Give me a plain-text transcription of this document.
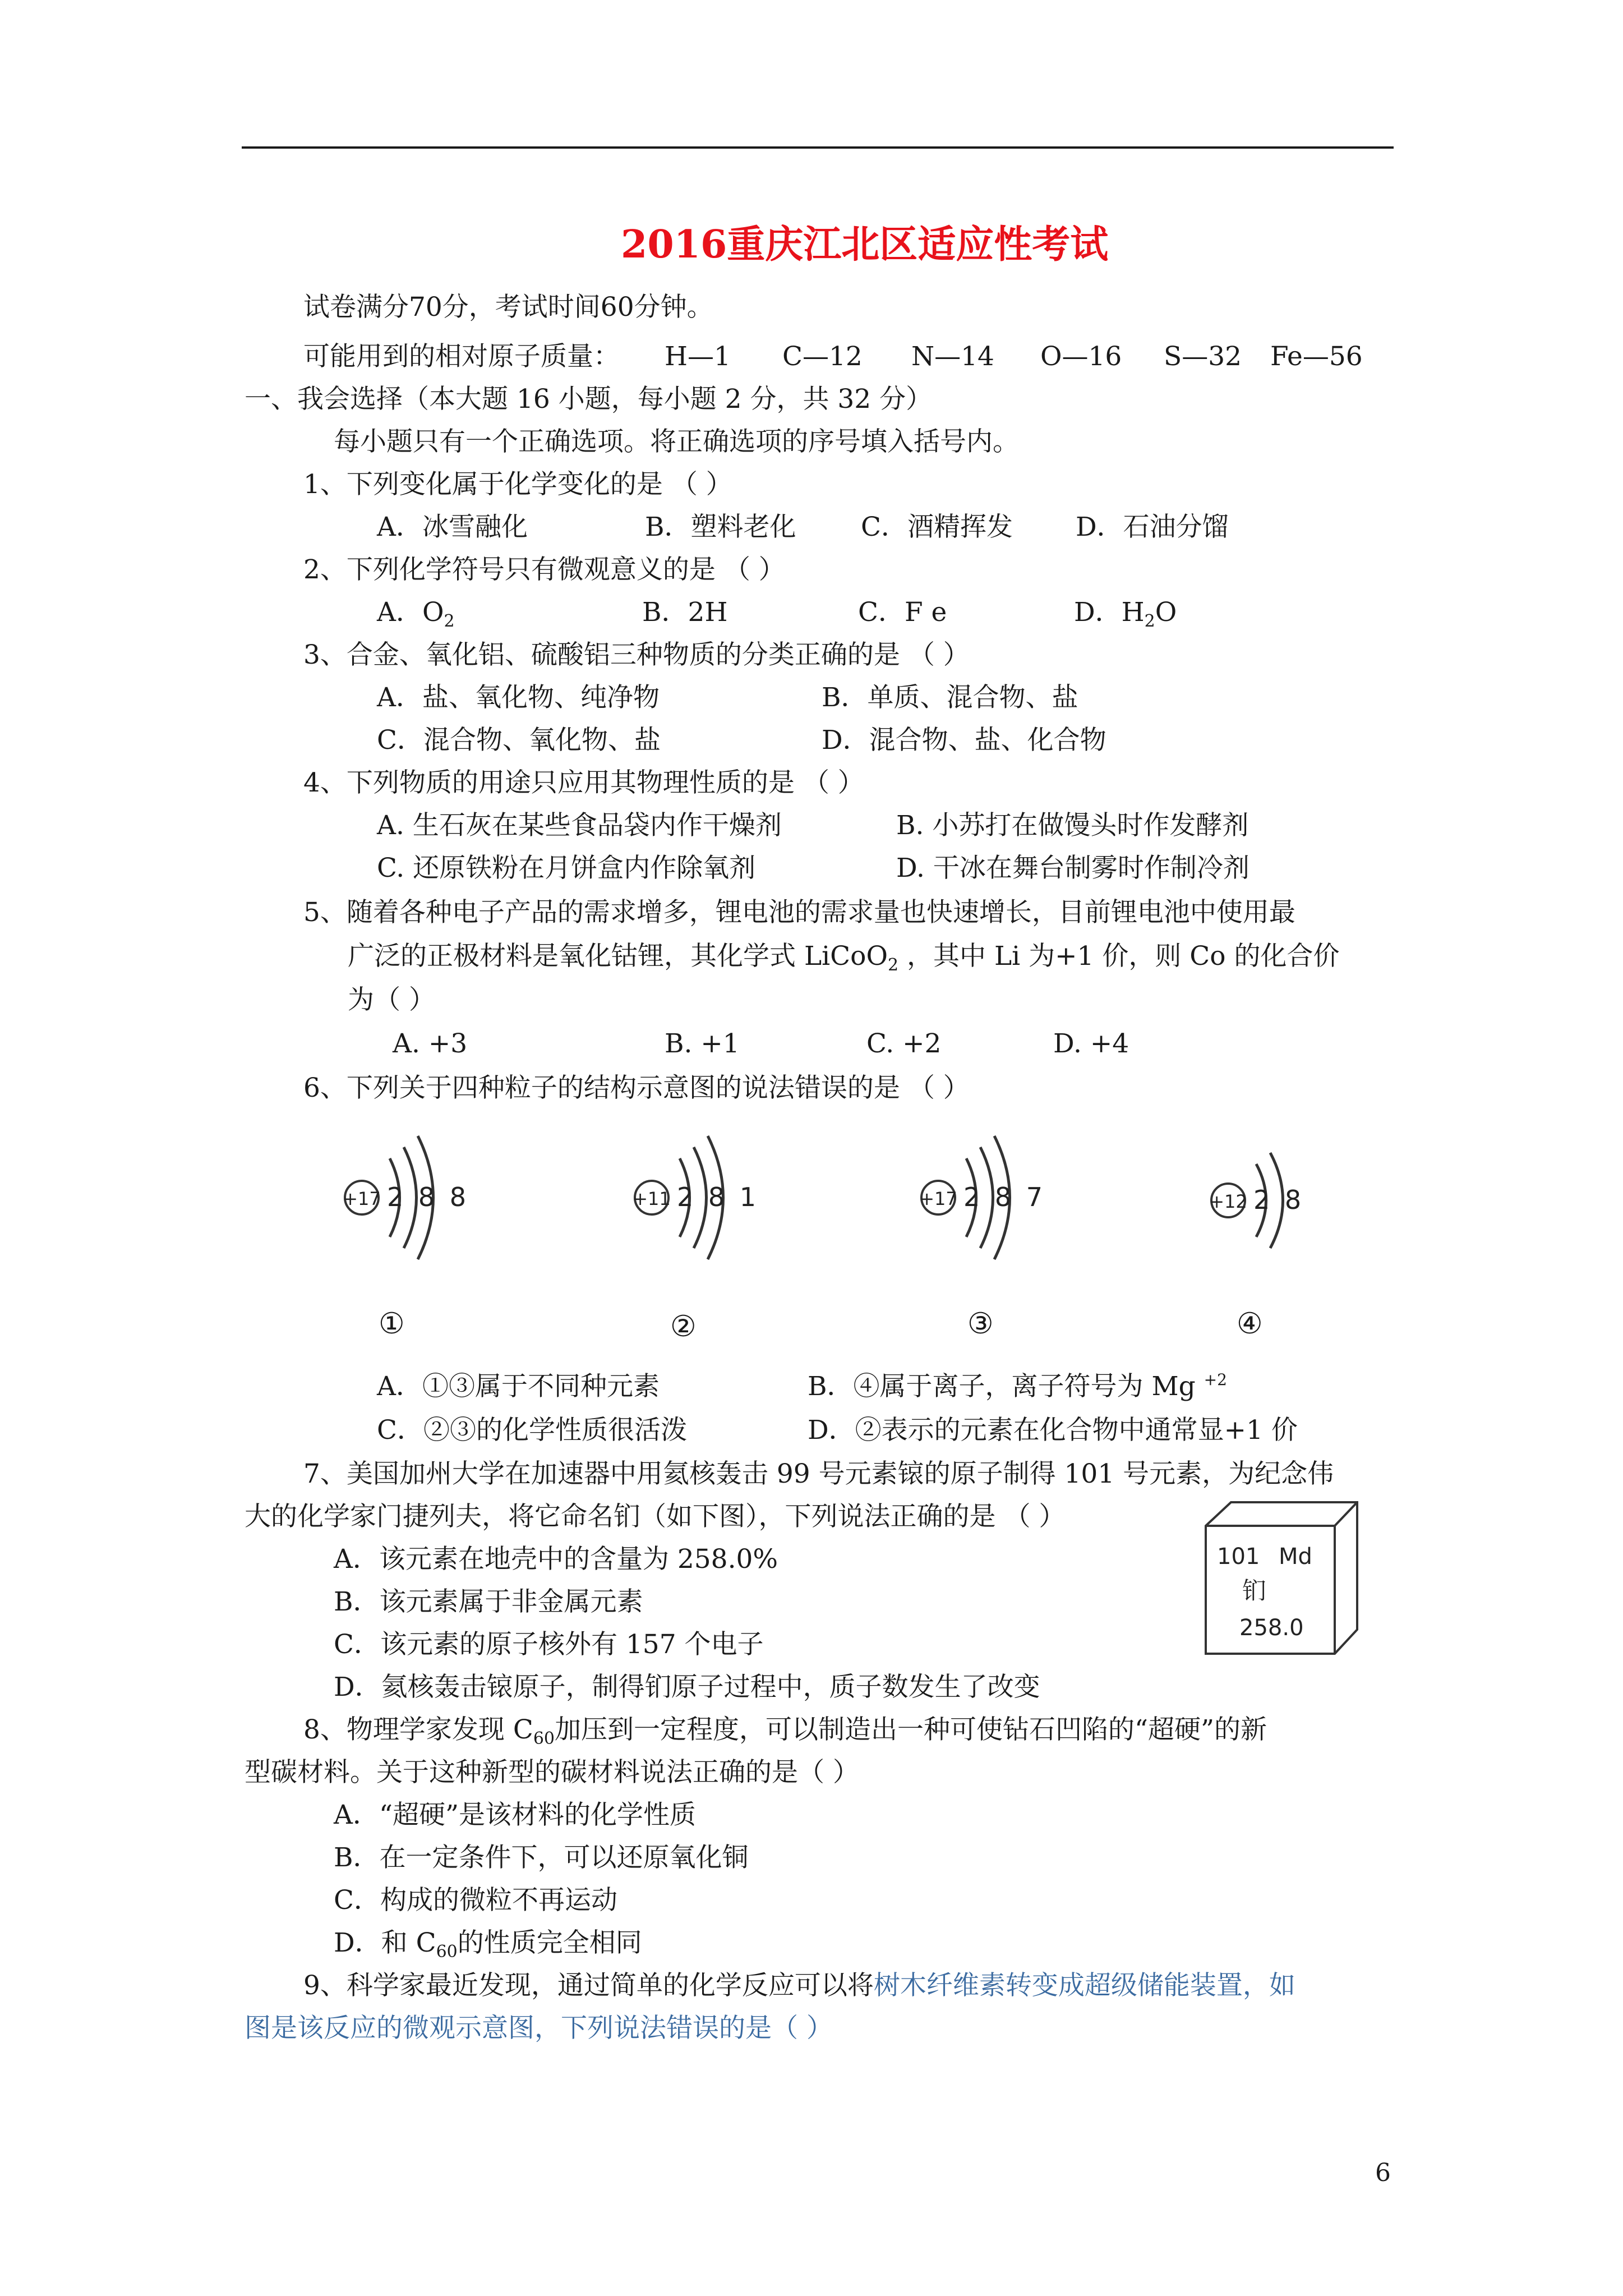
2016重庆江北区适应性考试
试卷满分70分，考试时间60分钟。
可能用到的相对原子质量： H—1 C—12 N—14 O—16 S—32 Fe—56
一、我会选择（本大题 16 小题，每小题 2 分，共 32 分）
每小题只有一个正确选项。将正确选项的序号填入括号内。
1、下列变化属于化学变化的是 （ ）
A．冰雪融化	B．塑料老化 C．酒精挥发 D．石油分馏
2、下列化学符号只有微观意义的是 （ ）
A．$O_2$	B．2H	C．F e	D．$H_2O$
3、合金、氧化铝、硫酸铝三种物质的分类正确的是 （ ）
A．盐、氧化物、纯净物	B．单质、混合物、盐
C．混合物、氧化物、盐	D．混合物、盐、化合物
4、下列物质的用途只应用其物理性质的是 （ ）
A. 生石灰在某些食品袋内作干燥剂	B. 小苏打在做馒头时作发酵剂
C. 还原铁粉在月饼盒内作除氧剂	D. 干冰在舞台制雾时作制冷剂
5、随着各种电子产品的需求增多，锂电池的需求量也快速增长，目前锂电池中使用最
广泛的正极材料是氧化钴锂，其化学式 LiCoO$_2$ ，其中 Li 为+1 价，则 Co 的化合价
为（ ）
A. +3	B. +1	C. +2	D. +4
6、下列关于四种粒子的结构示意图的说法错误的是 （ ）
+17 2 8 8	+11 2 8 1	+17 2 8 7	+12 2 8
①	②	③	④
A．①③属于不同种元素	B．④属于离子，离子符号为 Mg $^{+2}$
C．②③的化学性质很活泼	D．②表示的元素在化合物中通常显+1 价
7、美国加州大学在加速器中用氦核轰击 99 号元素锿的原子制得 101 号元素，为纪念伟
大的化学家门捷列夫，将它命名钔（如下图），下列说法正确的是 （ ）
A．该元素在地壳中的含量为 258.0%
B．该元素属于非金属元素
C．该元素的原子核外有 157 个电子
D．氦核轰击锿原子，制得钔原子过程中，质子数发生了改变
101 Md
钔
258.0
8、物理学家发现 $C_{60}$加压到一定程度，可以制造出一种可使钻石凹陷的“超硬”的新
型碳材料。关于这种新型的碳材料说法正确的是（ ）
A．“超硬”是该材料的化学性质
B．在一定条件下，可以还原氧化铜
C．构成的微粒不再运动
D．和 $C_{60}$的性质完全相同
9、科学家最近发现，通过简单的化学反应可以将树木纤维素转变成超级储能装置，如
图是该反应的微观示意图，下列说法错误的是（ ）
6
